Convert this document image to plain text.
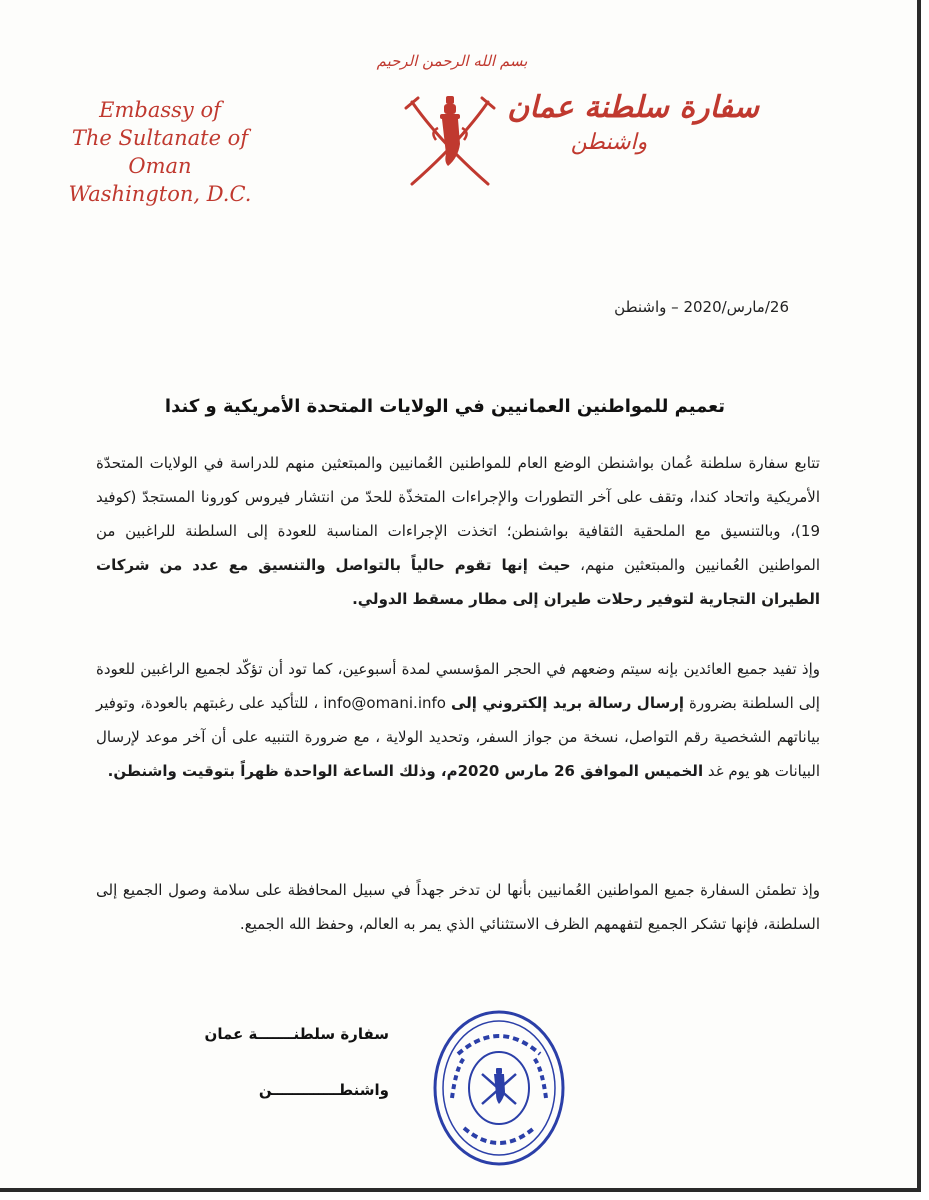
Embassy of
The Sultanate of Oman
Washington, D.C.
بسم الله الرحمن الرحيم
سفارة سلطنة عمان
واشنطن
26/مارس/2020 – واشنطن
تعميم للمواطنين العمانيين في الولايات المتحدة الأمريكية و كندا
تتابع سفارة سلطنة عُمان بواشنطن الوضع العام للمواطنين العُمانيين والمبتعثين منهم للدراسة في الولايات المتحدّة الأمريكية واتحاد كندا، وتقف على آخر التطورات والإجراءات المتخذّة للحدّ من انتشار فيروس كورونا المستجدّ (كوفيد 19)، وبالتنسيق مع الملحقية الثقافية بواشنطن؛ اتخذت الإجراءات المناسبة للعودة إلى السلطنة للراغبين من المواطنين العُمانيين والمبتعثين منهم، حيث إنها تقوم حالياً بالتواصل والتنسيق مع عدد من شركات الطيران التجارية لتوفير رحلات طيران إلى مطار مسقط الدولي.
وإذ تفيد جميع العائدين بإنه سيتم وضعهم في الحجر المؤسسي لمدة أسبوعين، كما تود أن تؤكّد لجميع الراغبين للعودة إلى السلطنة بضرورة إرسال رسالة بريد إلكتروني إلى info@omani.info ، للتأكيد على رغبتهم بالعودة، وتوفير بياناتهم الشخصية رقم التواصل، نسخة من جواز السفر، وتحديد الولاية ، مع ضرورة التنبيه على أن آخر موعد لإرسال البيانات هو يوم غد الخميس الموافق 26 مارس 2020م، وذلك الساعة الواحدة ظهراً بتوقيت واشنطن.
وإذ تطمئن السفارة جميع المواطنين العُمانيين بأنها لن تدخر جهداً في سبيل المحافظة على سلامة وصول الجميع إلى السلطنة، فإنها تشكر الجميع لتفهمهم الظرف الاستثنائي الذي يمر به العالم، وحفظ الله الجميع.
سفارة سلطنـــــــة عمان
واشنطـــــــــــــن
